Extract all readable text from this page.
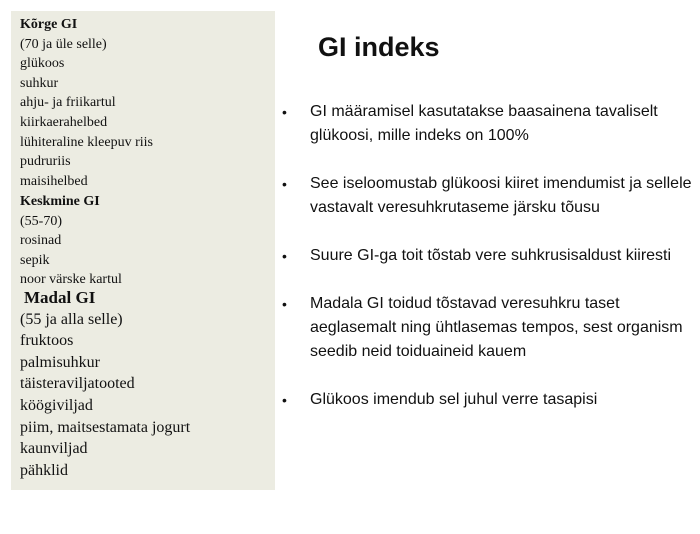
Kõrge GI
(70 ja üle selle)
glükoos
suhkur
ahju- ja friikartul
kiirkaerahelbed
lühiteraline kleepuv riis
pudruriis
maisihelbed
Keskmine GI
(55-70)
rosinad
sepik
noor värske kartul
Madal GI
(55 ja alla selle)
fruktoos
palmisuhkur
täisteraviljatooted
köögiviljad
piim, maitsestamata jogurt
kaunviljad
pähklid
GI indeks
• GI määramisel kasutatakse baasainena tavaliselt glükoosi, mille indeks on 100%
• See iseloomustab glükoosi kiiret imendumist ja sellele vastavalt veresuhkrutaseme järsku tõusu
• Suure GI-ga toit tõstab vere suhkrusisaldust kiiresti
• Madala GI toidud tõstavad veresuhkru taset aeglasemalt ning ühtlasemas tempos, sest organism seedib neid toiduaineid kauem
• Glükoos imendub sel juhul verre tasapisi
